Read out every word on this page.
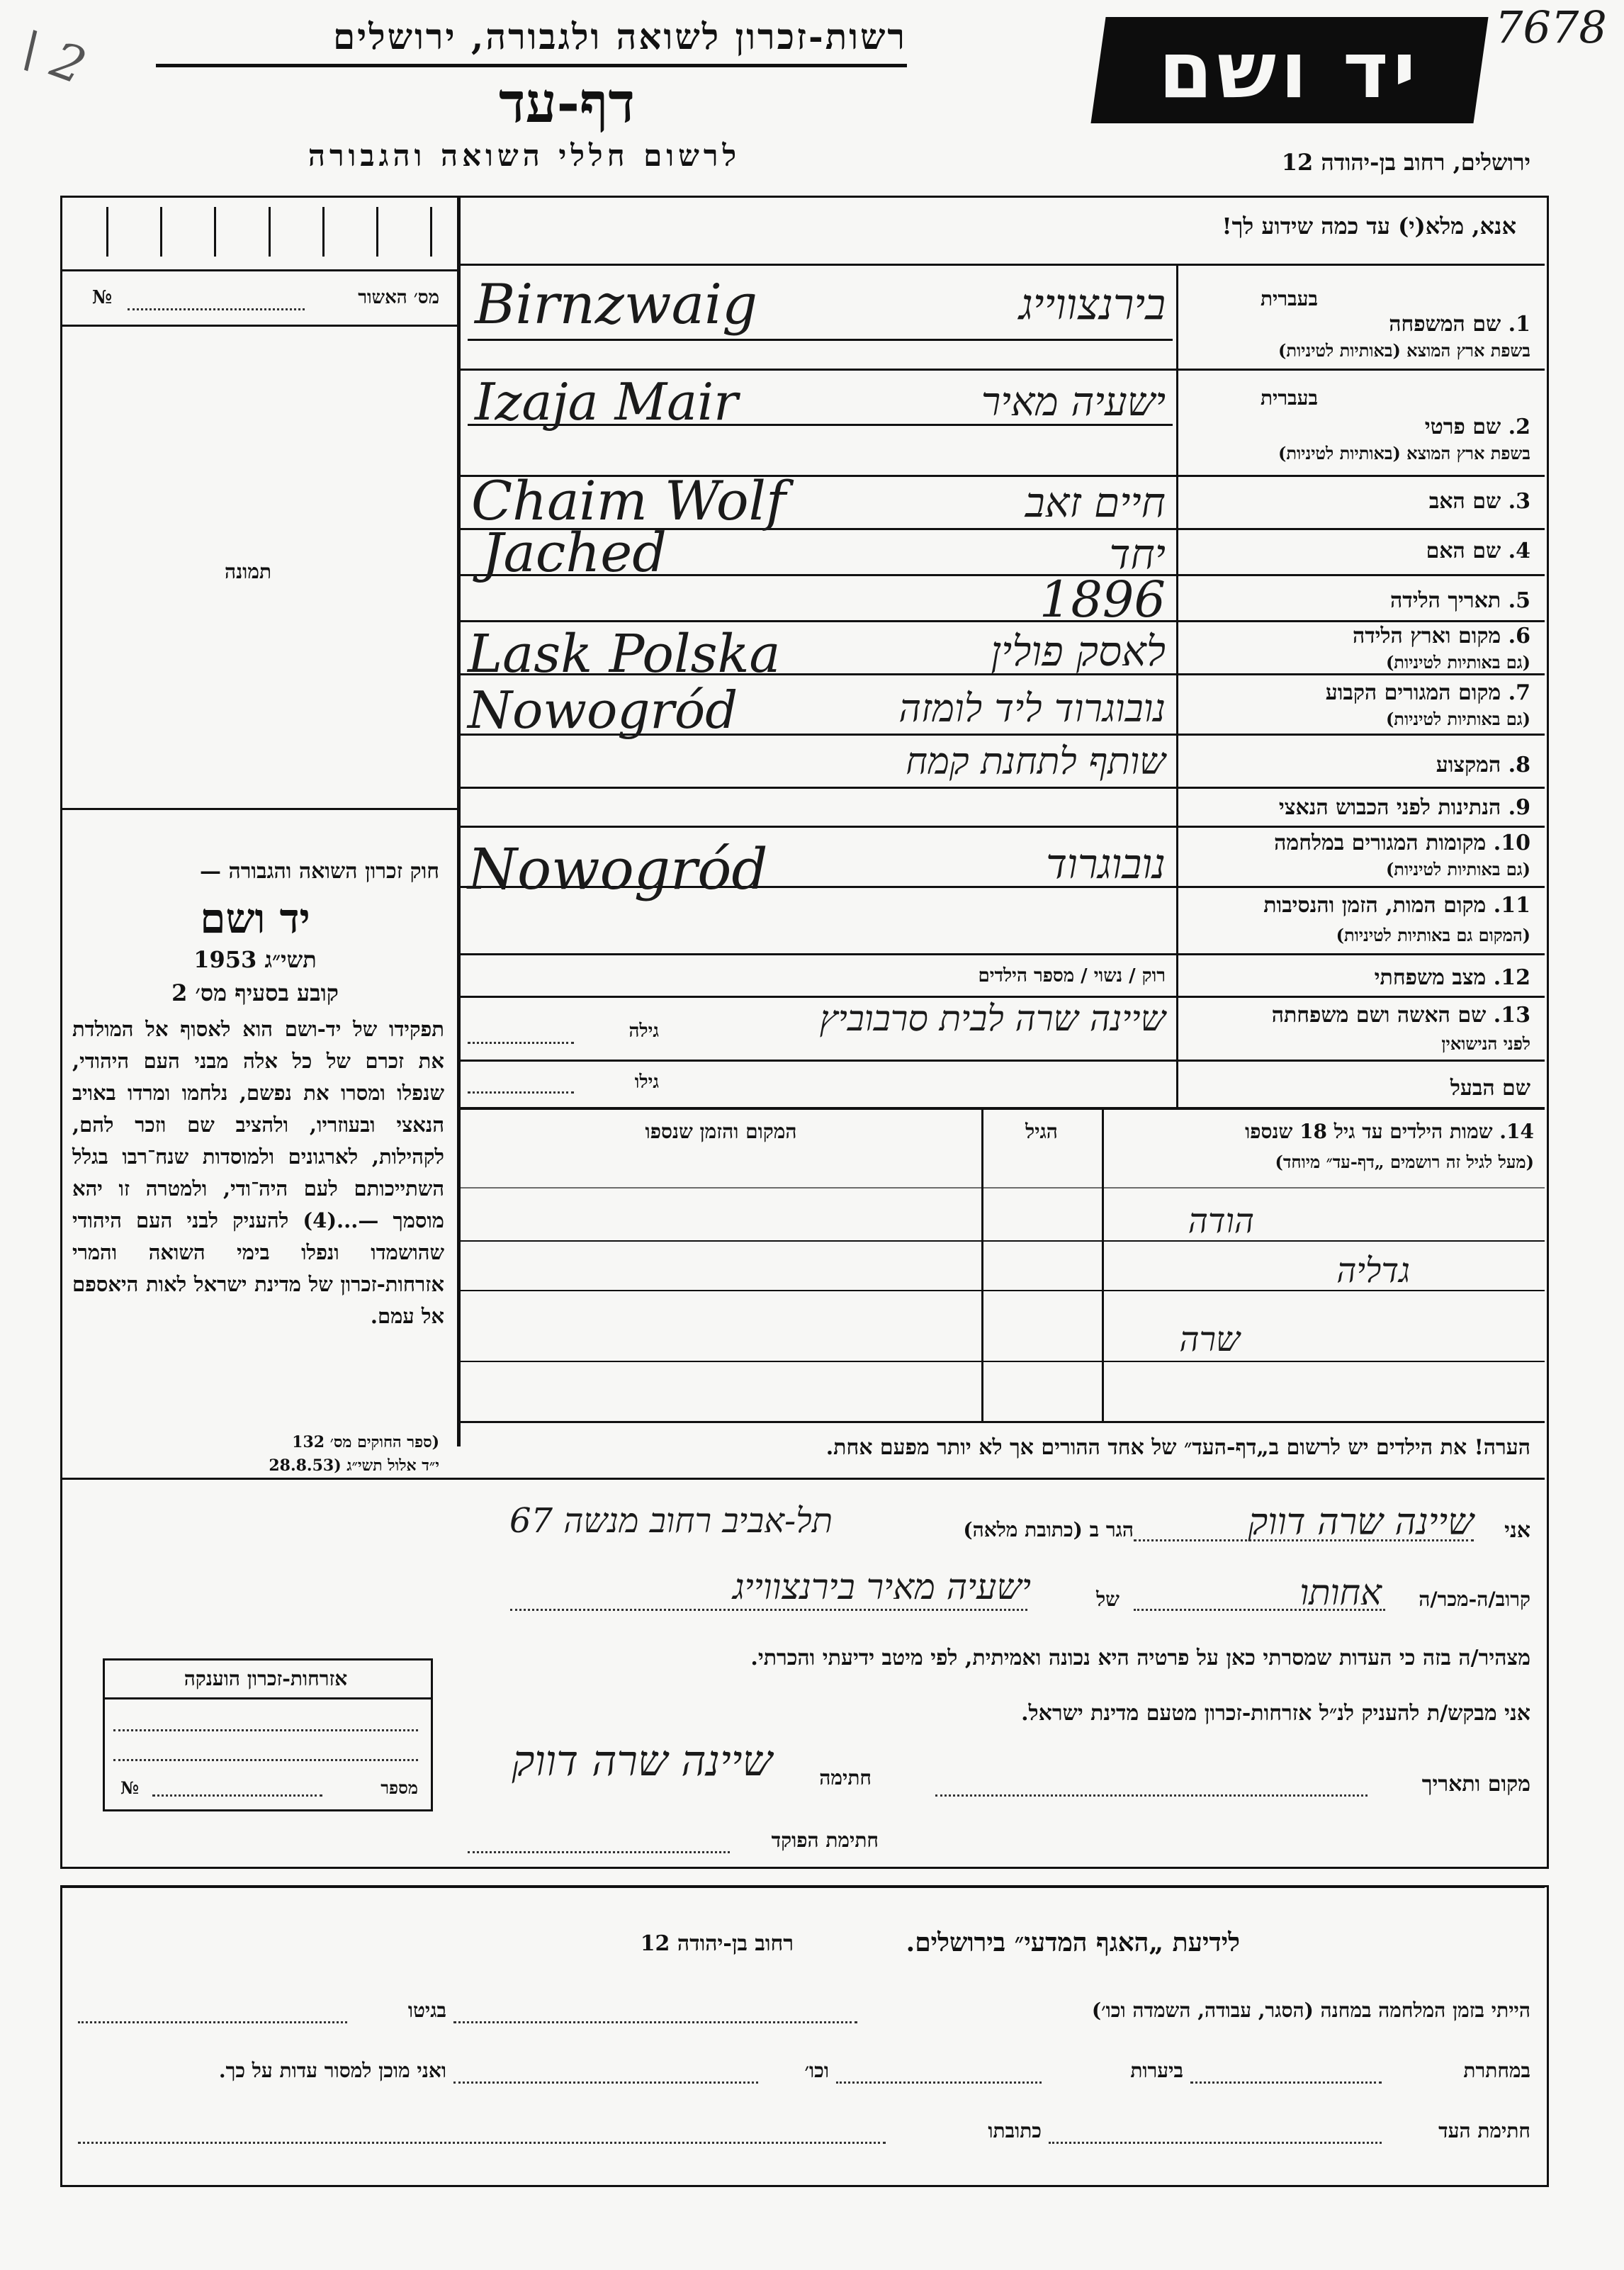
7678
\ 2	רשות-זכרון לשואה ולגבורה, ירושלים	יד ושם
דף-עד
לרשום חללי השואה והגבורה	ירושלים, רחוב בן-יהודה 12
אנא, מלא(י) עד כמה שידוע לך!
№	מס׳ האשור
תמונה
חוק זכרון השואה והגבורה —
יד ושם
תשי״ג 1953
קובע בסעיף מס׳ 2
תפקידו של יד-ושם הוא לאסוף אל המולדת את זכרם של כל אלה מבני העם היהודי, שנפלו ומסרו את נפשם, נלחמו ומרדו באויב הנאצי ובעוזריו, ולהציב שם וזכר להם, לקהילות, לארגונים ולמוסדות שנח־רבו בגלל השתייכותם לעם היה־ודי, ולמטרה זו יהא מוסמך —...(4) להעניק לבני העם היהודי שהושמדו ונפלו בימי השואה והמרי אזרחות-זכרון של מדינת ישראל לאות היאספם אל עמם.
(ספר החוקים מס׳ 132
י״ד אלול תשי״ג (28.8.53
אזרחות-זכרון הוענקה
№	מספר
בעברית
1. שם המשפחה
בשפת ארץ המוצא (באותיות לטיניות)
Birnzwaig	בירנצווייג
בעברית
2. שם פרטי
בשפת ארץ המוצא (באותיות לטיניות)
Izaja Mair	ישעיה מאיר
3. שם האב
Chaim Wolf	חיים זאב
4. שם האם
Jached	יחד
5. תאריך הלידה
1896
6. מקום וארץ הלידה
(גם באותיות לטיניות)
Lask Polska	לאסק פולין
7. מקום המגורים הקבוע
(גם באותיות לטיניות)
Nowogród	נובוגרוד ליד לומזה
8. המקצוע
שותף לתחנת קמח
9. הנתינות לפני הכבוש הנאצי
10. מקומות המגורים במלחמה
(גם באותיות לטיניות)
Nowogród	נובוגרוד
11. מקום המות, הזמן והנסיבות
(המקום גם באותיות לטיניות)
12. מצב משפחתי
רוק / נשוי / מספר הילדים
13. שם האשה ושם משפחתה
לפני הנישואין
שיינה שרה לבית סרבוביץ
גילה
שם הבעל
גילו
14. שמות הילדים עד גיל 18 שנספו
(מעל לגיל זה רושמים „דף-עד״ מיוחד)
הגיל
המקום והזמן שנספו
הודה
גדליה
שרה
הערה! את הילדים יש לרשום ב„דף-העד״ של אחד ההורים אך לא יותר מפעם אחת.
אני
שיינה שרה דווק
הגר ב (כתובת מלאה)
תל-אביב רחוב מנשה 67
קרוב/ה-מכר/ה
אחותו
של
ישעיה מאיר בירנצווייג
מצהיר/ה בזה כי העדות שמסרתי כאן על פרטיה היא נכונה ואמיתית, לפי מיטב ידיעתי והכרתי.
אני מבקש/ת להעניק לנ״ל אזרחות-זכרון מטעם מדינת ישראל.
מקום ותאריך
חתימה
שיינה שרה דווק
חתימת הפוקד
לידיעת „האגף המדעי״ בירושלים.
רחוב בן-יהודה 12
הייתי בזמן המלחמה במחנה (הסגר, עבודה, השמדה וכו׳)
בגיטו
במחתרת
ביערות
וכו׳
ואני מוכן למסור עדות על כך.
חתימת העד
כתובתו
